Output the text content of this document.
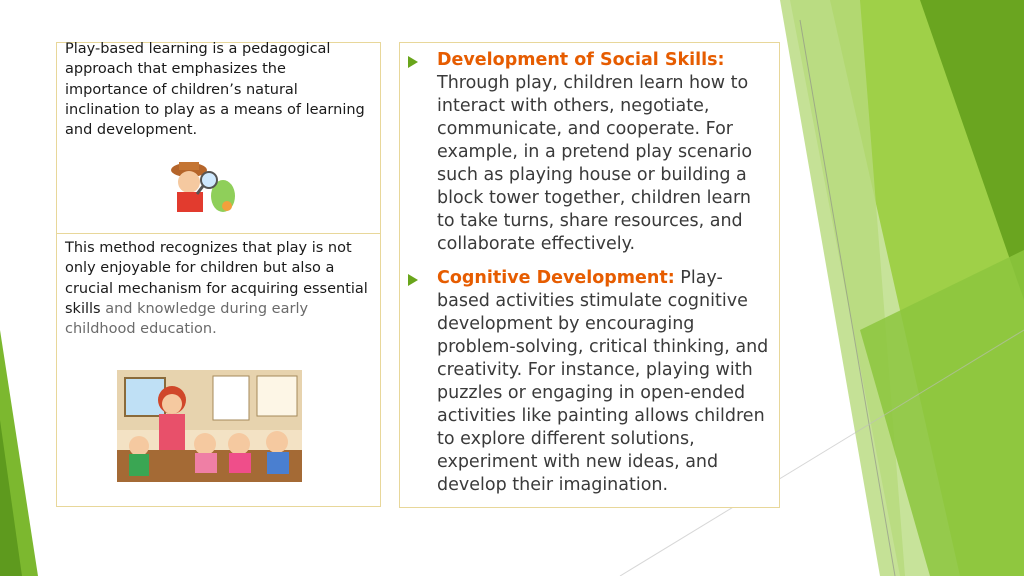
Play-based learning is a pedagogical approach that emphasizes the importance of children’s natural inclination to play as a means of learning and development.

This method recognizes that play is not only enjoyable for children but also a crucial mechanism for acquiring essential skills and knowledge during early childhood education.

Development of Social Skills: Through play, children learn how to interact with others, negotiate, communicate, and cooperate. For example, in a pretend play scenario such as playing house or building a block tower together, children learn to take turns, share resources, and collaborate effectively.
Cognitive Development: Play-based activities stimulate cognitive development by encouraging problem-solving, critical thinking, and creativity. For instance, playing with puzzles or engaging in open-ended activities like painting allows children to explore different solutions, experiment with new ideas, and develop their imagination.
